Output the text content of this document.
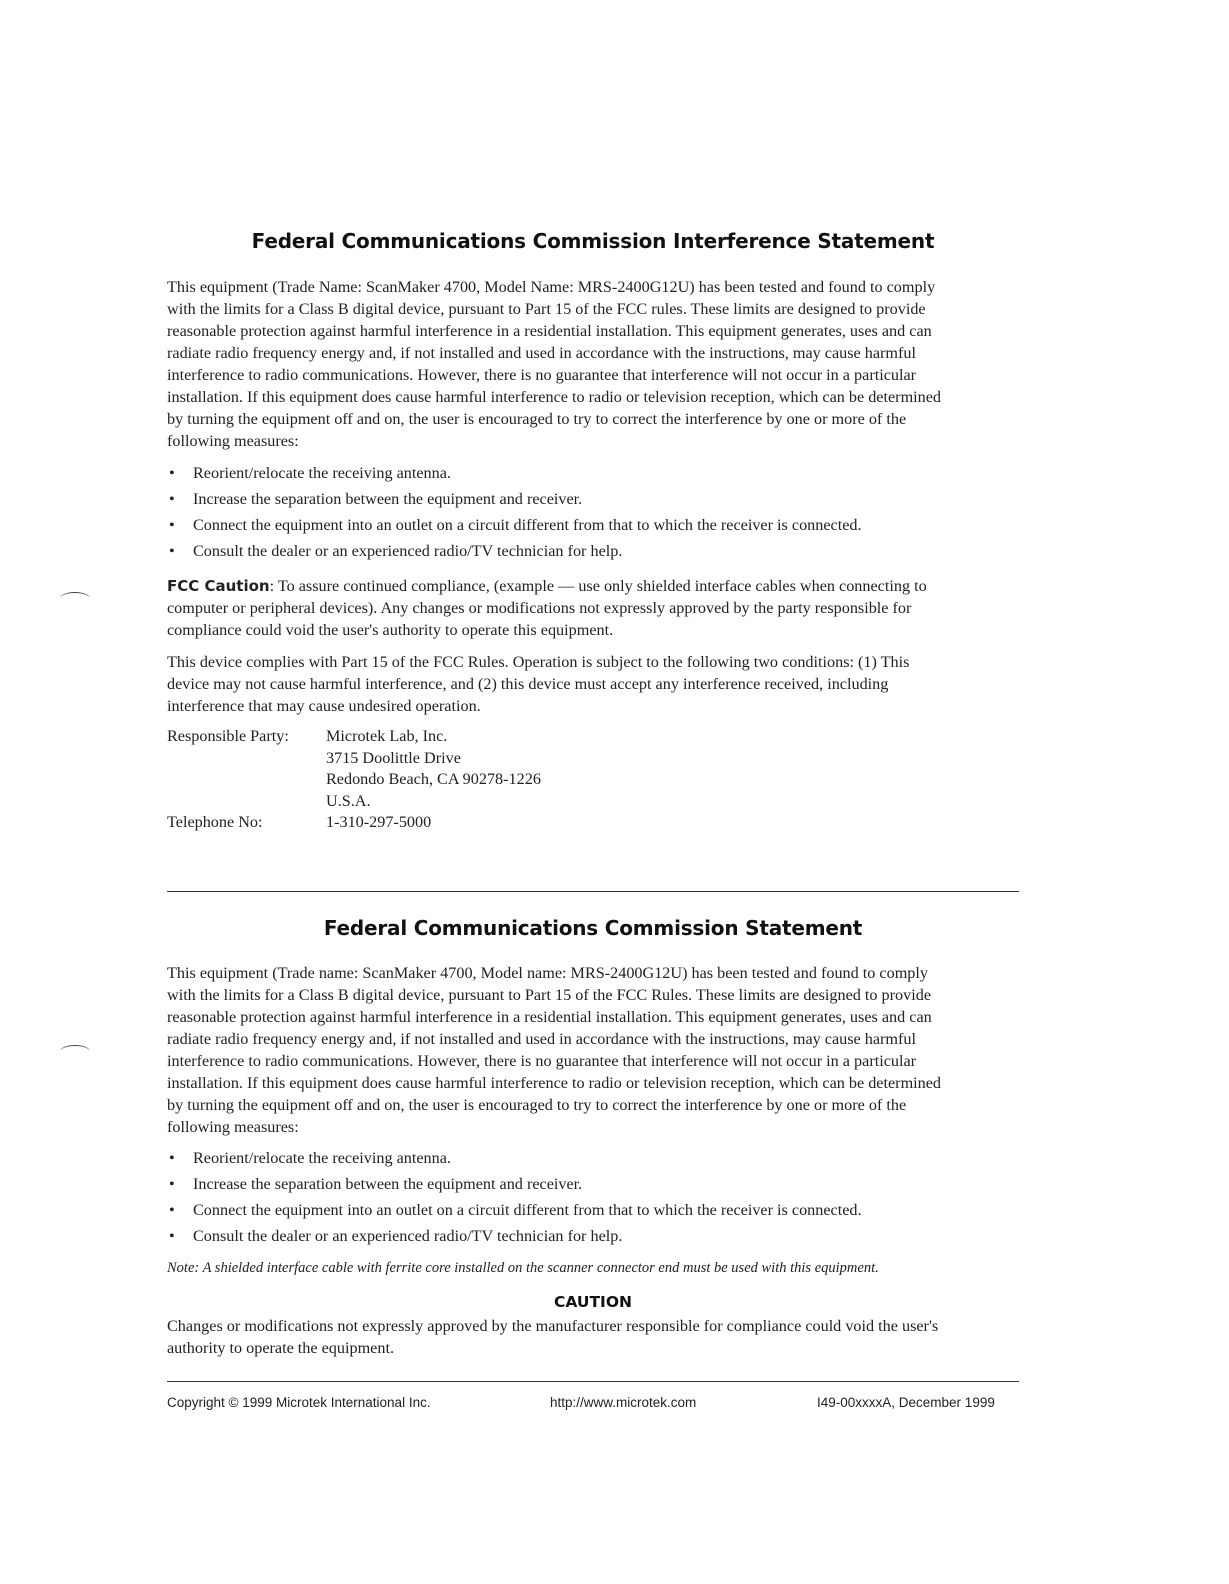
Federal Communications Commission Interference Statement
This equipment (Trade Name: ScanMaker 4700, Model Name: MRS-2400G12U) has been tested and found to comply
with the limits for a Class B digital device, pursuant to Part 15 of the FCC rules. These limits are designed to provide
reasonable protection against harmful interference in a residential installation. This equipment generates, uses and can
radiate radio frequency energy and, if not installed and used in accordance with the instructions, may cause harmful
interference to radio communications. However, there is no guarantee that interference will not occur in a particular
installation. If this equipment does cause harmful interference to radio or television reception, which can be determined
by turning the equipment off and on, the user is encouraged to try to correct the interference by one or more of the
following measures:
• Reorient/relocate the receiving antenna.
• Increase the separation between the equipment and receiver.
• Connect the equipment into an outlet on a circuit different from that to which the receiver is connected.
• Consult the dealer or an experienced radio/TV technician for help.
FCC Caution: To assure continued compliance, (example — use only shielded interface cables when connecting to
computer or peripheral devices). Any changes or modifications not expressly approved by the party responsible for
compliance could void the user's authority to operate this equipment.
This device complies with Part 15 of the FCC Rules. Operation is subject to the following two conditions: (1) This
device may not cause harmful interference, and (2) this device must accept any interference received, including
interference that may cause undesired operation.
Responsible Party: Microtek Lab, Inc.
3715 Doolittle Drive
Redondo Beach, CA 90278-1226
U.S.A.
Telephone No:	1-310-297-5000
Federal Communications Commission Statement
This equipment (Trade name: ScanMaker 4700, Model name: MRS-2400G12U) has been tested and found to comply
with the limits for a Class B digital device, pursuant to Part 15 of the FCC Rules. These limits are designed to provide
reasonable protection against harmful interference in a residential installation. This equipment generates, uses and can
radiate radio frequency energy and, if not installed and used in accordance with the instructions, may cause harmful
interference to radio communications. However, there is no guarantee that interference will not occur in a particular
installation. If this equipment does cause harmful interference to radio or television reception, which can be determined
by turning the equipment off and on, the user is encouraged to try to correct the interference by one or more of the
following measures:
• Reorient/relocate the receiving antenna.
• Increase the separation between the equipment and receiver.
• Connect the equipment into an outlet on a circuit different from that to which the receiver is connected.
• Consult the dealer or an experienced radio/TV technician for help.
Note: A shielded interface cable with ferrite core installed on the scanner connector end must be used with this equipment.
CAUTION
Changes or modifications not expressly approved by the manufacturer responsible for compliance could void the user's
authority to operate the equipment.
Copyright © 1999 Microtek International Inc.	http://www.microtek.com	I49-00xxxxA, December 1999
